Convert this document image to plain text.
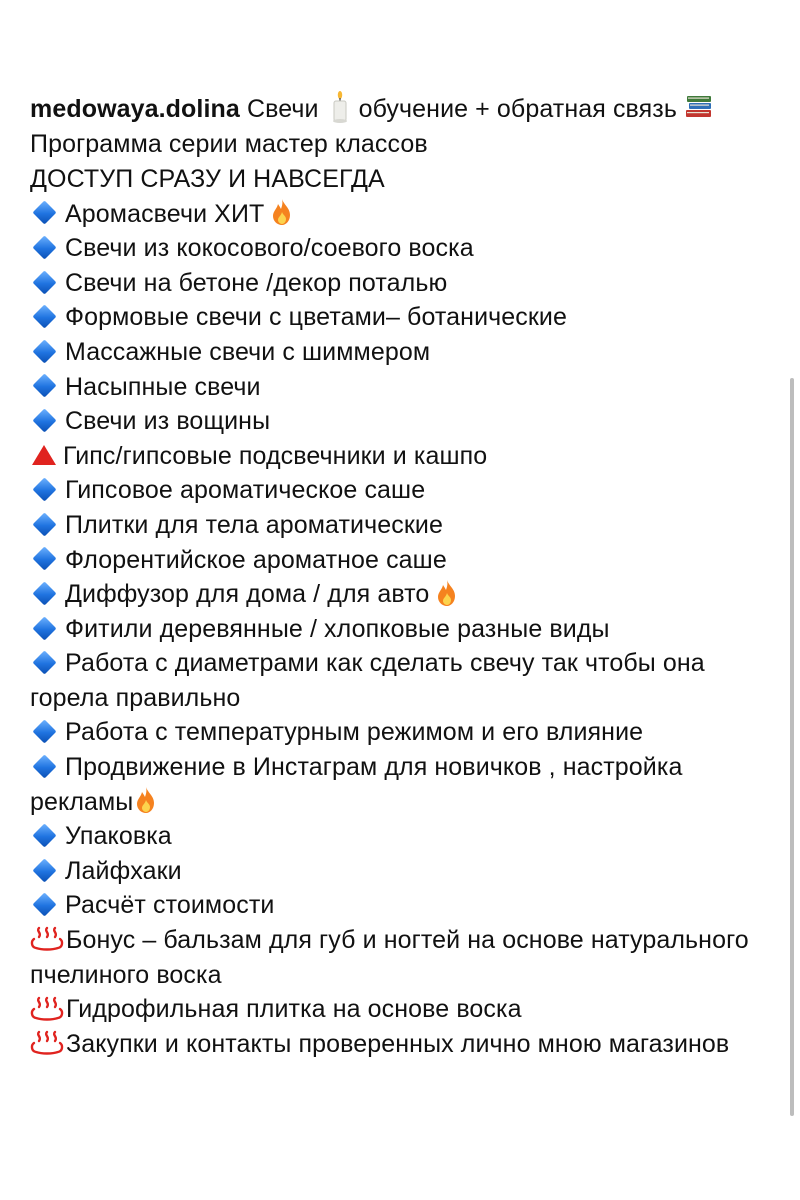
medowaya.dolina Свечи обучение + обратная связь
Программа серии мастер классов
ДОСТУП СРАЗУ И НАВСЕГДА
Аромасвечи ХИТ
Свечи из кокосового/соевого воска
Свечи на бетоне /декор поталью
Формовые свечи с цветами– ботанические
Массажные свечи с шиммером
Насыпные свечи
Свечи из вощины
Гипс/гипсовые подсвечники и кашпо
Гипсовое ароматическое саше
Плитки для тела ароматические
Флорентийское ароматное саше
Диффузор для дома / для авто
Фитили деревянные / хлопковые разные виды
Работа с диаметрами как сделать свечу так чтобы она горела правильно
Работа с температурным режимом и его влияние
Продвижение в Инстаграм для новичков , настройка рекламы
Упаковка
Лайфхаки
Расчёт стоимости
Бонус – бальзам для губ и ногтей на основе натурального пчелиного воска
Гидрофильная плитка на основе воска
Закупки и контакты проверенных лично мною магазинов
